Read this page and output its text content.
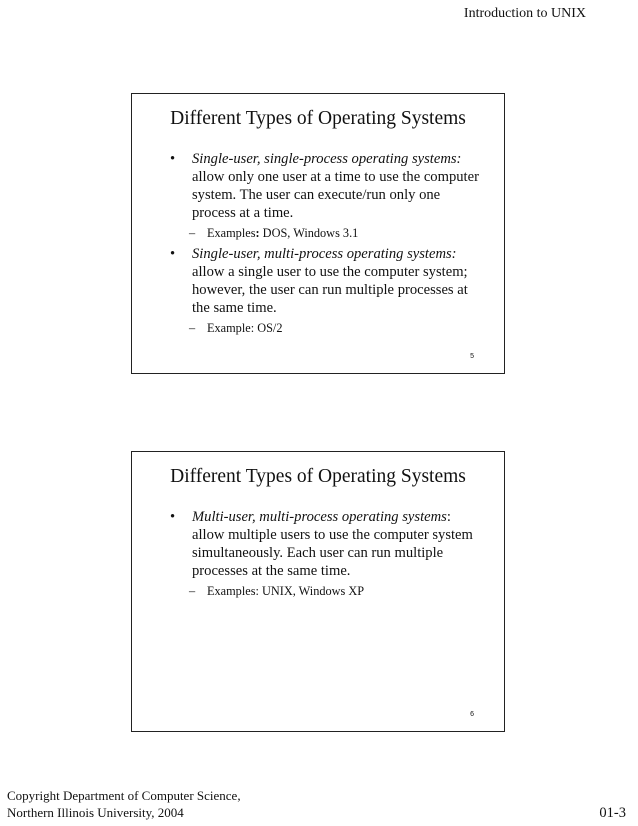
Introduction to UNIX
Different Types of Operating Systems
• Single-user, single-process operating systems:
allow only one user at a time to use the computer system. The user can execute/run only one process at a time.
– Examples: DOS, Windows 3.1
• Single-user, multi-process operating systems:
allow a single user to use the computer system; however, the user can run multiple processes at the same time.
– Example: OS/2
5
Different Types of Operating Systems
• Multi-user, multi-process operating systems:
allow multiple users to use the computer system simultaneously. Each user can run multiple processes at the same time.
– Examples: UNIX, Windows XP
6
Copyright Department of Computer Science,
Northern Illinois University, 2004	01-3
